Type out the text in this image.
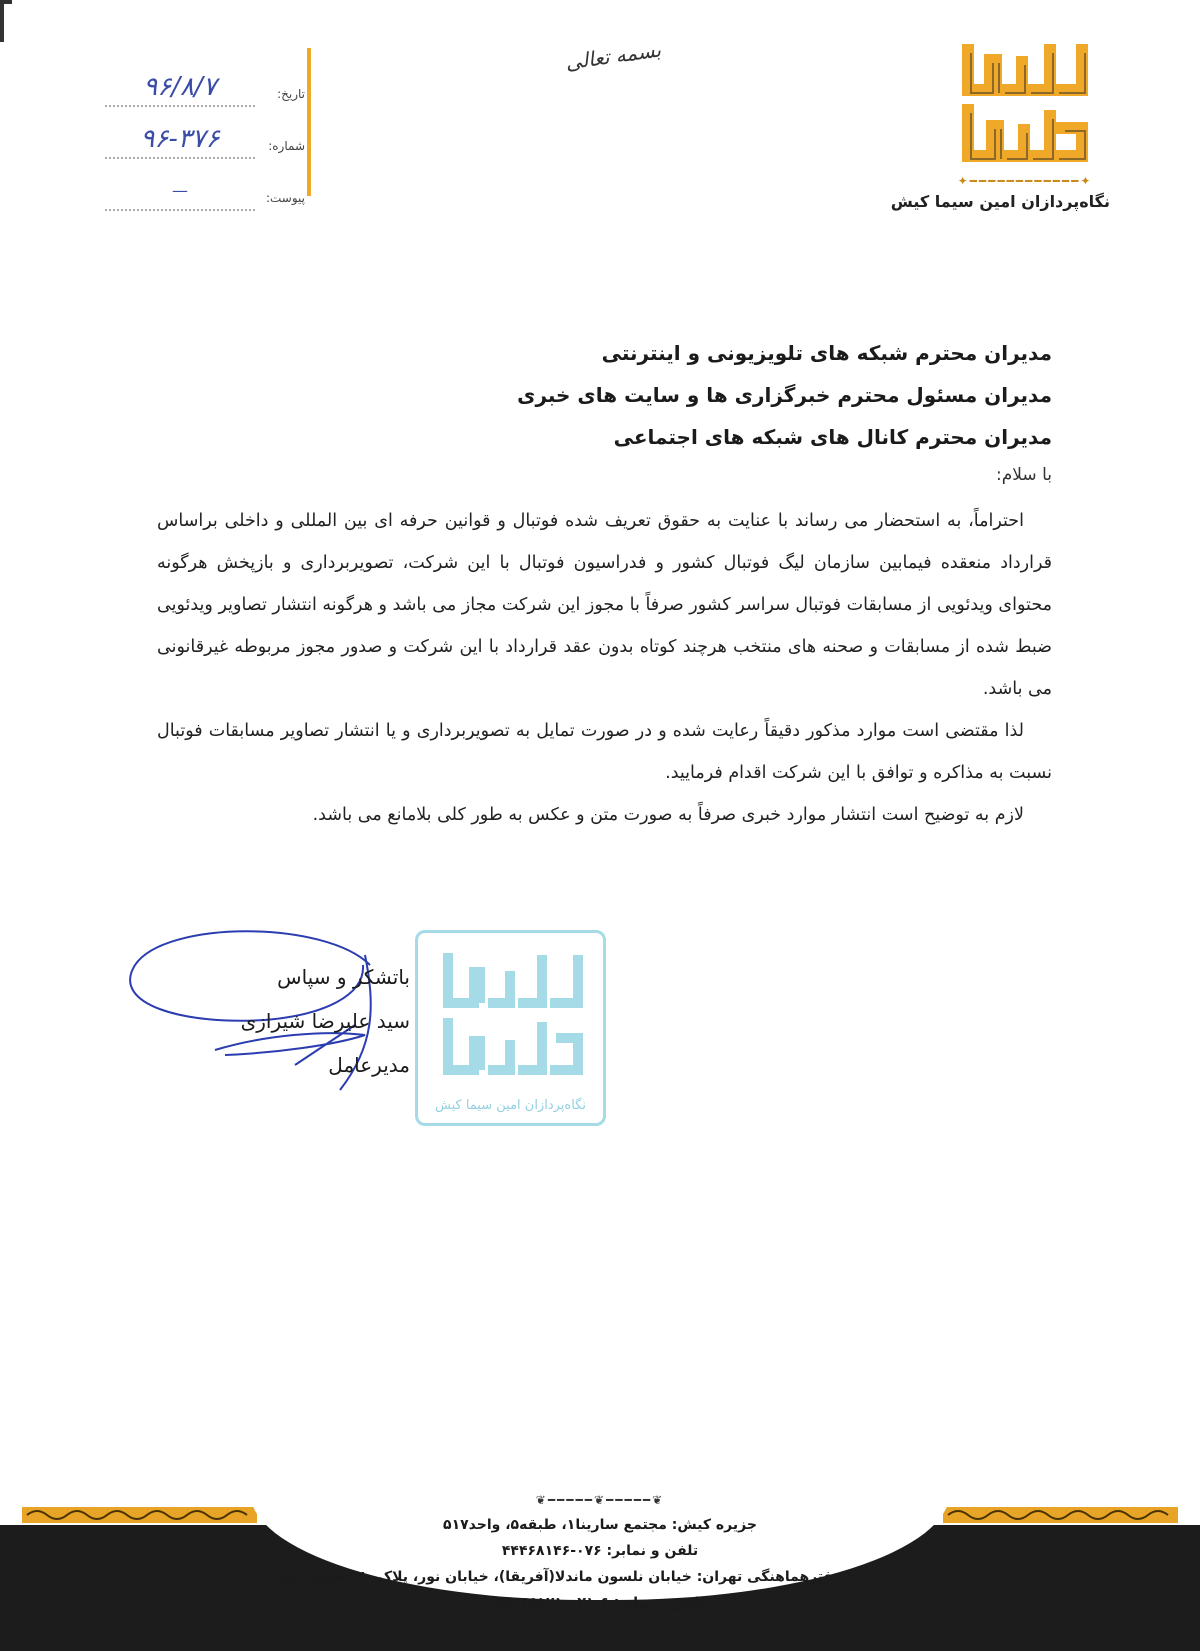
تاریخ:
۹۶/۸/۷
شماره:
۹۶-۳۷۶
پیوست:
—
بسمه تعالی
✦━━━━━━━━━━━━✦
نگاه‌پردازان امین سیما کیش
مدیران محترم شبکه های تلویزیونی و اینترنتی
مدیران مسئول محترم خبرگزاری ها و سایت های خبری
مدیران محترم کانال های شبکه های اجتماعی
با سلام:

احتراماً، به استحضار می رساند با عنایت به حقوق تعریف شده فوتبال و قوانین حرفه ای بین المللی و داخلی براساس قرارداد منعقده فیمابین سازمان لیگ فوتبال کشور و فدراسیون فوتبال با این شرکت، تصویربرداری و بازپخش هرگونه محتوای ویدئویی از مسابقات فوتبال سراسر کشور صرفاً با مجوز این شرکت مجاز می باشد و هرگونه انتشار تصاویر ویدئویی ضبط شده از مسابقات و صحنه های منتخب هرچند کوتاه بدون عقد قرارداد با این شرکت و صدور مجوز مربوطه غیرقانونی می باشد.

لذا مقتضی است موارد مذکور دقیقاً رعایت شده و در صورت تمایل به تصویربرداری و یا انتشار تصاویر مسابقات فوتبال نسبت به مذاکره و توافق با این شرکت اقدام فرمایید.

لازم به توضیح است انتشار موارد خبری صرفاً به صورت متن و عکس به طور کلی بلامانع می باشد.

نگاه‌پردازان امین سیما کیش
باتشکر و سپاس
سید علیرضا شیرازی
مدیرعامل
❦━━━━━❦━━━━━❦
جزیره کیش: مجتمع سارینا۱، طبقه۵، واحد۵۱۷
تلفن و نمابر: ۰۷۶-۴۴۴۶۸۱۴۶
دفترهماهنگی تهران: خیابان نلسون ماندلا(آفریقا)، خیابان نور، پلاک ۲۰، طبقه اول
تلفن و نمابر: ۶-۰۲۱-۸۸۶۶۵۱۷۱
